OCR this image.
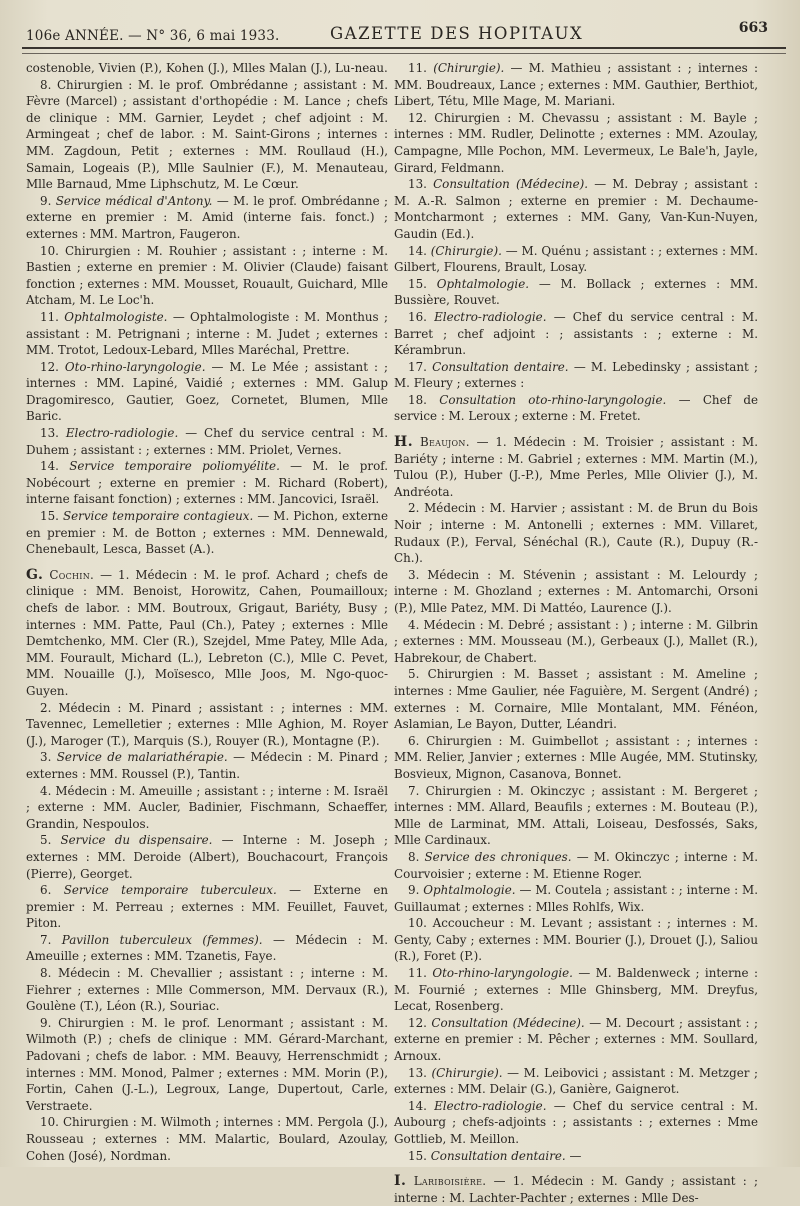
106e ANNÉE. — N° 36, 6 mai 1933.	GAZETTE DES HOPITAUX	663

costenoble, Vivien (P.), Kohen (J.), Mlles Malan (J.), Lu-neau.

8. Chirurgien : M. le prof. Ombrédanne ; assistant : M. Fèvre (Marcel) ; assistant d'orthopédie : M. Lance ; chefs de clinique : MM. Garnier, Leydet ; chef adjoint : M. Armingeat ; chef de labor. : M. Saint-Girons ; internes : MM. Zagdoun, Petit ; externes : MM. Roullaud (H.), Samain, Logeais (P.), Mlle Saulnier (F.), M. Menauteau, Mlle Barnaud, Mme Liphschutz, M. Le Cœur.

9. Service médical d'Antony. — M. le prof. Ombrédanne ; externe en premier : M. Amid (interne fais. fonct.) ; externes : MM. Martron, Faugeron.

10. Chirurgien : M. Rouhier ; assistant : ; interne : M. Bastien ; externe en premier : M. Olivier (Claude) faisant fonction ; externes : MM. Mousset, Rouault, Guichard, Mlle Atcham, M. Le Loc'h.

11. Ophtalmologiste. — Ophtalmologiste : M. Monthus ; assistant : M. Petrignani ; interne : M. Judet ; externes : MM. Trotot, Ledoux-Lebard, Mlles Maréchal, Prettre.

12. Oto-rhino-laryngologie. — M. Le Mée ; assistant : ; internes : MM. Lapiné, Vaidié ; externes : MM. Galup Dragomiresco, Gautier, Goez, Cornetet, Blumen, Mlle Baric.

13. Electro-radiologie. — Chef du service central : M. Duhem ; assistant : ; externes : MM. Priolet, Vernes.

14. Service temporaire poliomyélite. — M. le prof. Nobécourt ; externe en premier : M. Richard (Robert), interne faisant fonction) ; externes : MM. Jancovici, Israël.

15. Service temporaire contagieux. — M. Pichon, externe en premier : M. de Botton ; externes : MM. Dennewald, Chenebault, Lesca, Basset (A.).

G. Cochin. — 1. Médecin : M. le prof. Achard ; chefs de clinique : MM. Benoist, Horowitz, Cahen, Poumailloux; chefs de labor. : MM. Boutroux, Grigaut, Bariéty, Busy ; internes : MM. Patte, Paul (Ch.), Patey ; externes : Mlle Demtchenko, MM. Cler (R.), Szejdel, Mme Patey, Mlle Ada, MM. Fourault, Michard (L.), Lebreton (C.), Mlle C. Pevet, MM. Nouaille (J.), Moïsesco, Mlle Joos, M. Ngo-quoc-Guyen.

2. Médecin : M. Pinard ; assistant : ; internes : MM. Tavennec, Lemelletier ; externes : Mlle Aghion, M. Royer (J.), Maroger (T.), Marquis (S.), Rouyer (R.), Montagne (P.).

3. Service de malariathérapie. — Médecin : M. Pinard ; externes : MM. Roussel (P.), Tantin.

4. Médecin : M. Ameuille ; assistant : ; interne : M. Israël ; externe : MM. Aucler, Badinier, Fischmann, Schaeffer, Grandin, Nespoulos.

5. Service du dispensaire. — Interne : M. Joseph ; externes : MM. Deroide (Albert), Bouchacourt, François (Pierre), Georget.

6. Service temporaire tuberculeux. — Externe en premier : M. Perreau ; externes : MM. Feuillet, Fauvet, Piton.

7. Pavillon tuberculeux (femmes). — Médecin : M. Ameuille ; externes : MM. Tzanetis, Faye.

8. Médecin : M. Chevallier ; assistant : ; interne : M. Fiehrer ; externes : Mlle Commerson, MM. Dervaux (R.), Goulène (T.), Léon (R.), Souriac.

9. Chirurgien : M. le prof. Lenormant ; assistant : M. Wilmoth (P.) ; chefs de clinique : MM. Gérard-Marchant, Padovani ; chefs de labor. : MM. Beauvy, Herrenschmidt ; internes : MM. Monod, Palmer ; externes : MM. Morin (P.), Fortin, Cahen (J.-L.), Legroux, Lange, Dupertout, Carle, Verstraete.

10. Chirurgien : M. Wilmoth ; internes : MM. Pergola (J.), Rousseau ; externes : MM. Malartic, Boulard, Azoulay, Cohen (José), Nordman.

11. (Chirurgie). — M. Mathieu ; assistant : ; internes : MM. Boudreaux, Lance ; externes : MM. Gauthier, Berthiot, Libert, Tétu, Mlle Mage, M. Mariani.

12. Chirurgien : M. Chevassu ; assistant : M. Bayle ; internes : MM. Rudler, Delinotte ; externes : MM. Azoulay, Campagne, Mlle Pochon, MM. Levermeux, Le Bale'h, Jayle, Girard, Feldmann.

13. Consultation (Médecine). — M. Debray ; assistant : M. A.-R. Salmon ; externe en premier : M. Dechaume-Montcharmont ; externes : MM. Gany, Van-Kun-Nuyen, Gaudin (Ed.).

14. (Chirurgie). — M. Quénu ; assistant : ; externes : MM. Gilbert, Flourens, Brault, Losay.

15. Ophtalmologie. — M. Bollack ; externes : MM. Bussière, Rouvet.

16. Electro-radiologie. — Chef du service central : M. Barret ; chef adjoint : ; assistants : ; externe : M. Kérambrun.

17. Consultation dentaire. — M. Lebedinsky ; assistant ; M. Fleury ; externes :

18. Consultation oto-rhino-laryngologie. — Chef de service : M. Leroux ; externe : M. Fretet.

H. Beaujon. — 1. Médecin : M. Troisier ; assistant : M. Bariéty ; interne : M. Gabriel ; externes : MM. Martin (M.), Tulou (P.), Huber (J.-P.), Mme Perles, Mlle Olivier (J.), M. Andréota.

2. Médecin : M. Harvier ; assistant : M. de Brun du Bois Noir ; interne : M. Antonelli ; externes : MM. Villaret, Rudaux (P.), Ferval, Sénéchal (R.), Caute (R.), Dupuy (R.-Ch.).

3. Médecin : M. Stévenin ; assistant : M. Lelourdy ; interne : M. Ghozland ; externes : M. Antomarchi, Orsoni (P.), Mlle Patez, MM. Di Mattéo, Laurence (J.).

4. Médecin : M. Debré ; assistant : ) ; interne : M. Gilbrin ; externes : MM. Mousseau (M.), Gerbeaux (J.), Mallet (R.), Habrekour, de Chabert.

5. Chirurgien : M. Basset ; assistant : M. Ameline ; internes : Mme Gaulier, née Faguière, M. Sergent (André) ; externes : M. Cornaire, Mlle Montalant, MM. Fénéon, Aslamian, Le Bayon, Dutter, Léandri.

6. Chirurgien : M. Guimbellot ; assistant : ; internes : MM. Relier, Janvier ; externes : Mlle Augée, MM. Stutinsky, Bosvieux, Mignon, Casanova, Bonnet.

7. Chirurgien : M. Okinczyc ; assistant : M. Bergeret ; internes : MM. Allard, Beaufils ; externes : M. Bouteau (P.), Mlle de Larminat, MM. Attali, Loiseau, Desfossés, Saks, Mlle Cardinaux.

8. Service des chroniques. — M. Okinczyc ; interne : M. Courvoisier ; externe : M. Etienne Roger.

9. Ophtalmologie. — M. Coutela ; assistant : ; interne : M. Guillaumat ; externes : Mlles Rohlfs, Wix.

10. Accoucheur : M. Levant ; assistant : ; internes : M. Genty, Caby ; externes : MM. Bourier (J.), Drouet (J.), Saliou (R.), Foret (P.).

11. Oto-rhino-laryngologie. — M. Baldenweck ; interne : M. Fournié ; externes : Mlle Ghinsberg, MM. Dreyfus, Lecat, Rosenberg.

12. Consultation (Médecine). — M. Decourt ; assistant : ; externe en premier : M. Pêcher ; externes : MM. Soullard, Arnoux.

13. (Chirurgie). — M. Leibovici ; assistant : M. Metzger ; externes : MM. Delair (G.), Ganière, Gaignerot.

14. Electro-radiologie. — Chef du service central : M. Aubourg ; chefs-adjoints : ; assistants : ; externes : Mme Gottlieb, M. Meillon.

15. Consultation dentaire. —

I. Lariboisière. — 1. Médecin : M. Gandy ; assistant : ; interne : M. Lachter-Pachter ; externes : Mlle Des-
